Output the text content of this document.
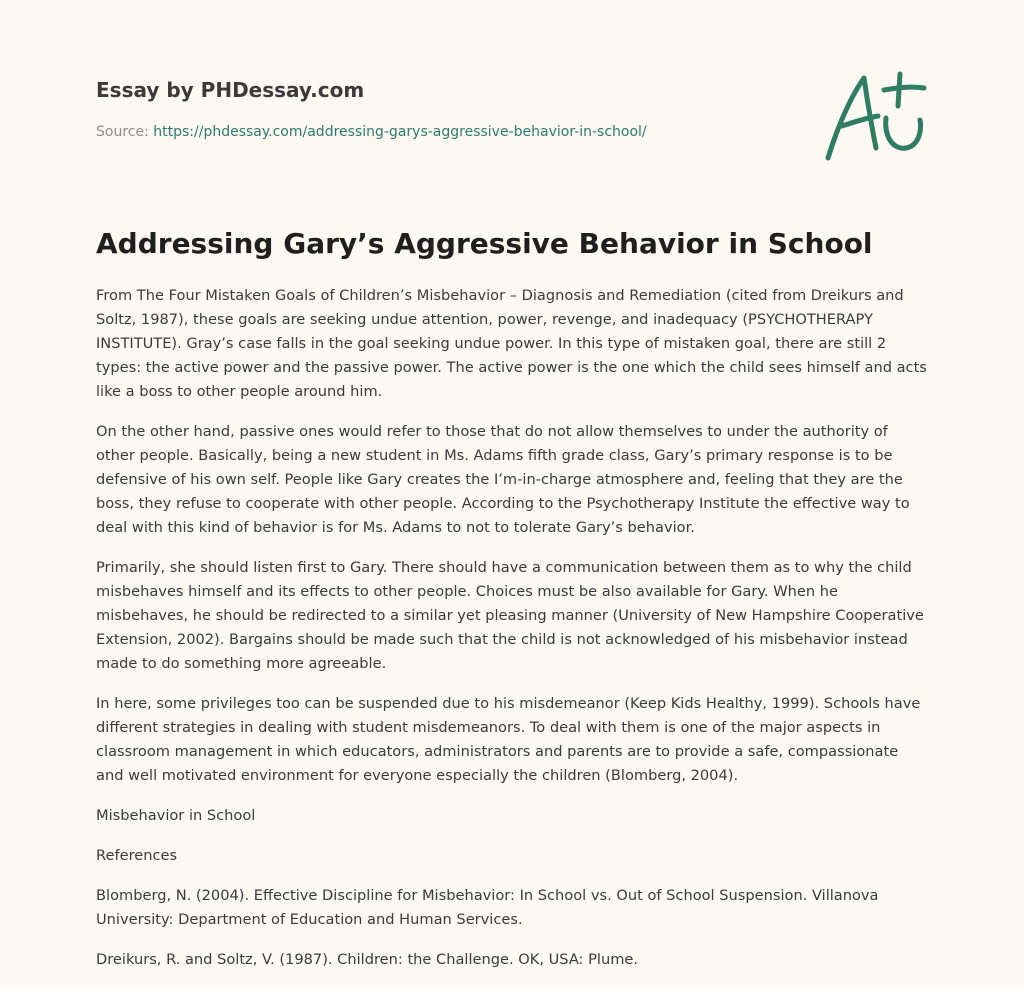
Essay by PHDessay.com
Source: https://phdessay.com/addressing-garys-aggressive-behavior-in-school/
Addressing Gary’s Aggressive Behavior in School

From The Four Mistaken Goals of Children’s Misbehavior – Diagnosis and Remediation (cited from Dreikurs and Soltz, 1987), these goals are seeking undue attention, power, revenge, and inadequacy (PSYCHOTHERAPY INSTITUTE). Gray’s case falls in the goal seeking undue power. In this type of mistaken goal, there are still 2 types: the active power and the passive power. The active power is the one which the child sees himself and acts like a boss to other people around him.

On the other hand, passive ones would refer to those that do not allow themselves to under the authority of other people. Basically, being a new student in Ms. Adams fifth grade class, Gary’s primary response is to be defensive of his own self. People like Gary creates the I’m-in-charge atmosphere and, feeling that they are the boss, they refuse to cooperate with other people. According to the Psychotherapy Institute the effective way to deal with this kind of behavior is for Ms. Adams to not to tolerate Gary’s behavior.

Primarily, she should listen first to Gary. There should have a communication between them as to why the child misbehaves himself and its effects to other people. Choices must be also available for Gary. When he misbehaves, he should be redirected to a similar yet pleasing manner (University of New Hampshire Cooperative Extension, 2002). Bargains should be made such that the child is not acknowledged of his misbehavior instead made to do something more agreeable.

In here, some privileges too can be suspended due to his misdemeanor (Keep Kids Healthy, 1999). Schools have different strategies in dealing with student misdemeanors. To deal with them is one of the major aspects in classroom management in which educators, administrators and parents are to provide a safe, compassionate and well motivated environment for everyone especially the children (Blomberg, 2004).

Misbehavior in School

References

Blomberg, N. (2004). Effective Discipline for Misbehavior: In School vs. Out of School Suspension. Villanova University: Department of Education and Human Services.

Dreikurs, R. and Soltz, V. (1987). Children: the Challenge. OK, USA: Plume.
